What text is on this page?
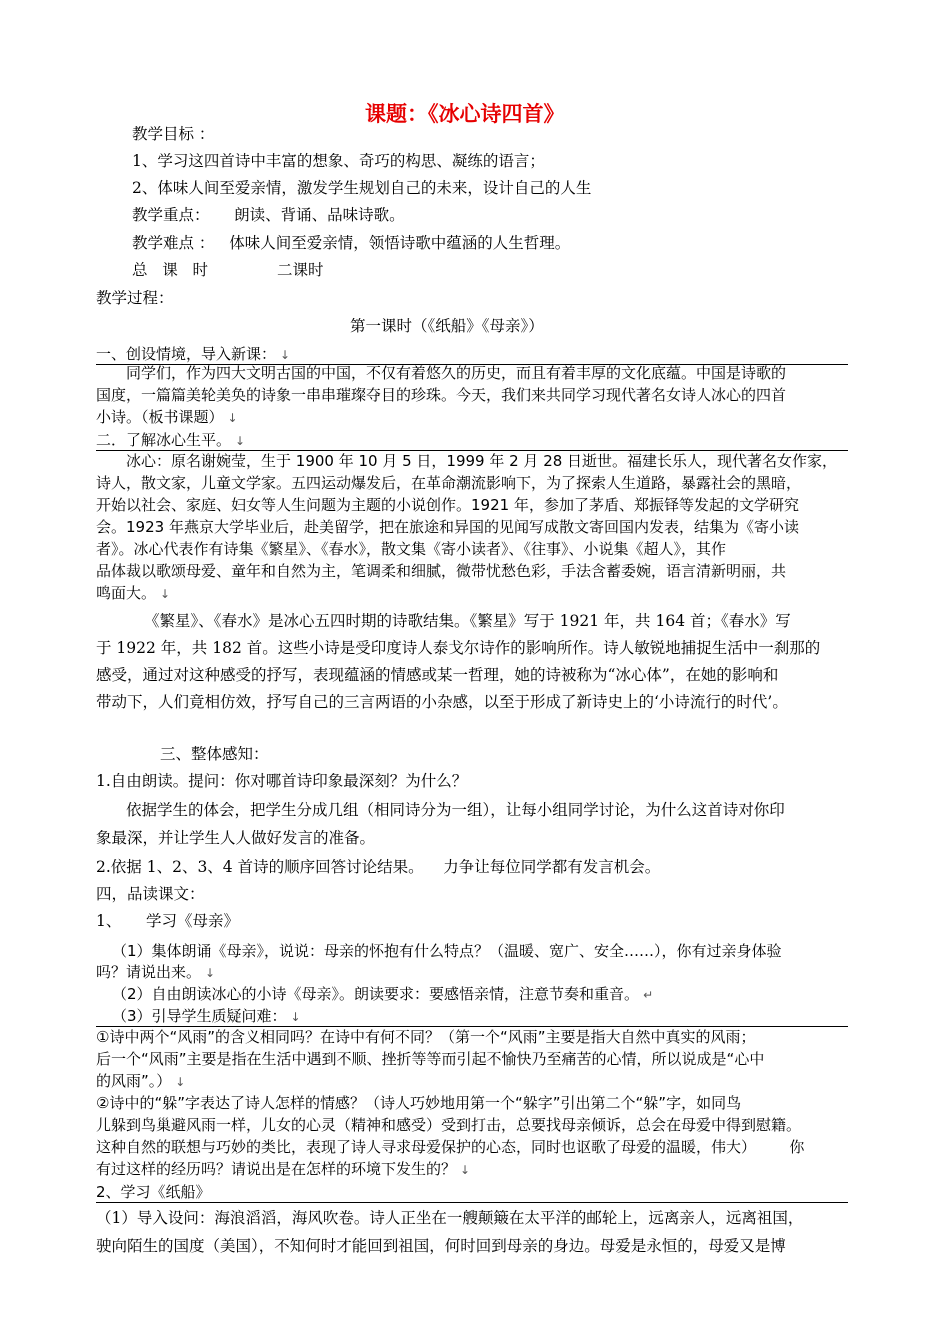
课题：《冰心诗四首》
教学目标 ：
1、学习这四首诗中丰富的想象、奇巧的构思、凝练的语言；
2、体味人间至爱亲情，激发学生规划自己的未来，设计自己的人生
教学重点：     朗读、背诵、品味诗歌。
教学难点 ：   体味人间至爱亲情，领悟诗歌中蕴涵的人生哲理。
总   课   时              二课时
教学过程：
第一课时（《纸船》《母亲》）
一、创设情境，导入新课： ↓
同学们，作为四大文明古国的中国，不仅有着悠久的历史，而且有着丰厚的文化底蕴。中国是诗歌的
国度，一篇篇美轮美奂的诗象一串串璀璨夺目的珍珠。今天，我们来共同学习现代著名女诗人冰心的四首
小诗。（板书课题） ↓
二．了解冰心生平。 ↓
冰心：原名谢婉莹，生于 1900 年 10 月 5 日，1999 年 2 月 28 日逝世。福建长乐人，现代著名女作家，
诗人，散文家，儿童文学家。五四运动爆发后，在革命潮流影响下，为了探索人生道路，暴露社会的黑暗，
开始以社会、家庭、妇女等人生问题为主题的小说创作。1921 年，参加了茅盾、郑振铎等发起的文学研究
会。1923 年燕京大学毕业后，赴美留学，把在旅途和异国的见闻写成散文寄回国内发表，结集为《寄小读
者》。冰心代表作有诗集《繁星》、《春水》，散文集《寄小读者》、《往事》、小说集《超人》，其作
品体裁以歌颂母爱、童年和自然为主，笔调柔和细腻，微带忧愁色彩，手法含蓄委婉，语言清新明丽，共
鸣面大。 ↓
《繁星》、《春水》是冰心五四时期的诗歌结集。《繁星》写于 1921 年，共 164 首；《春水》写
于 1922 年，共 182 首。这些小诗是受印度诗人泰戈尔诗作的影响所作。诗人敏锐地捕捉生活中一刹那的
感受，通过对这种感受的抒写，表现蕴涵的情感或某一哲理，她的诗被称为“冰心体”，在她的影响和
带动下，人们竟相仿效，抒写自己的三言两语的小杂感，以至于形成了新诗史上的‘小诗流行的时代’。
三、整体感知：
1.自由朗读。提问：你对哪首诗印象最深刻？为什么？
依据学生的体会，把学生分成几组（相同诗分为一组），让每小组同学讨论，为什么这首诗对你印
象最深，并让学生人人做好发言的准备。
2.依据 1、2、3、4 首诗的顺序回答讨论结果。    力争让每位同学都有发言机会。
四，品读课文：
1、     学习《母亲》
（1）集体朗诵《母亲》，说说：母亲的怀抱有什么特点？（温暖、宽广、安全……），你有过亲身体验
吗？请说出来。 ↓
（2）自由朗读冰心的小诗《母亲》。朗读要求：要感悟亲情，注意节奏和重音。 ↵
（3）引导学生质疑问难： ↓
①诗中两个“风雨”的含义相同吗？在诗中有何不同？（第一个“风雨”主要是指大自然中真实的风雨；
后一个“风雨”主要是指在生活中遇到不顺、挫折等等而引起不愉快乃至痛苦的心情，所以说成是“心中
的风雨”。） ↓
②诗中的“躲”字表达了诗人怎样的情感？（诗人巧妙地用第一个“躲字”引出第二个“躲”字，如同鸟
儿躲到鸟巢避风雨一样，儿女的心灵（精神和感受）受到打击，总要找母亲倾诉，总会在母爱中得到慰籍。
这种自然的联想与巧妙的类比，表现了诗人寻求母爱保护的心态，同时也讴歌了母爱的温暖，伟大）       你
有过这样的经历吗？请说出是在怎样的环境下发生的？ ↓
2、学习《纸船》
（1）导入设问：海浪滔滔，海风吹卷。诗人正坐在一艘颠簸在太平洋的邮轮上，远离亲人，远离祖国，
驶向陌生的国度（美国），不知何时才能回到祖国，何时回到母亲的身边。母爱是永恒的，母爱又是博
